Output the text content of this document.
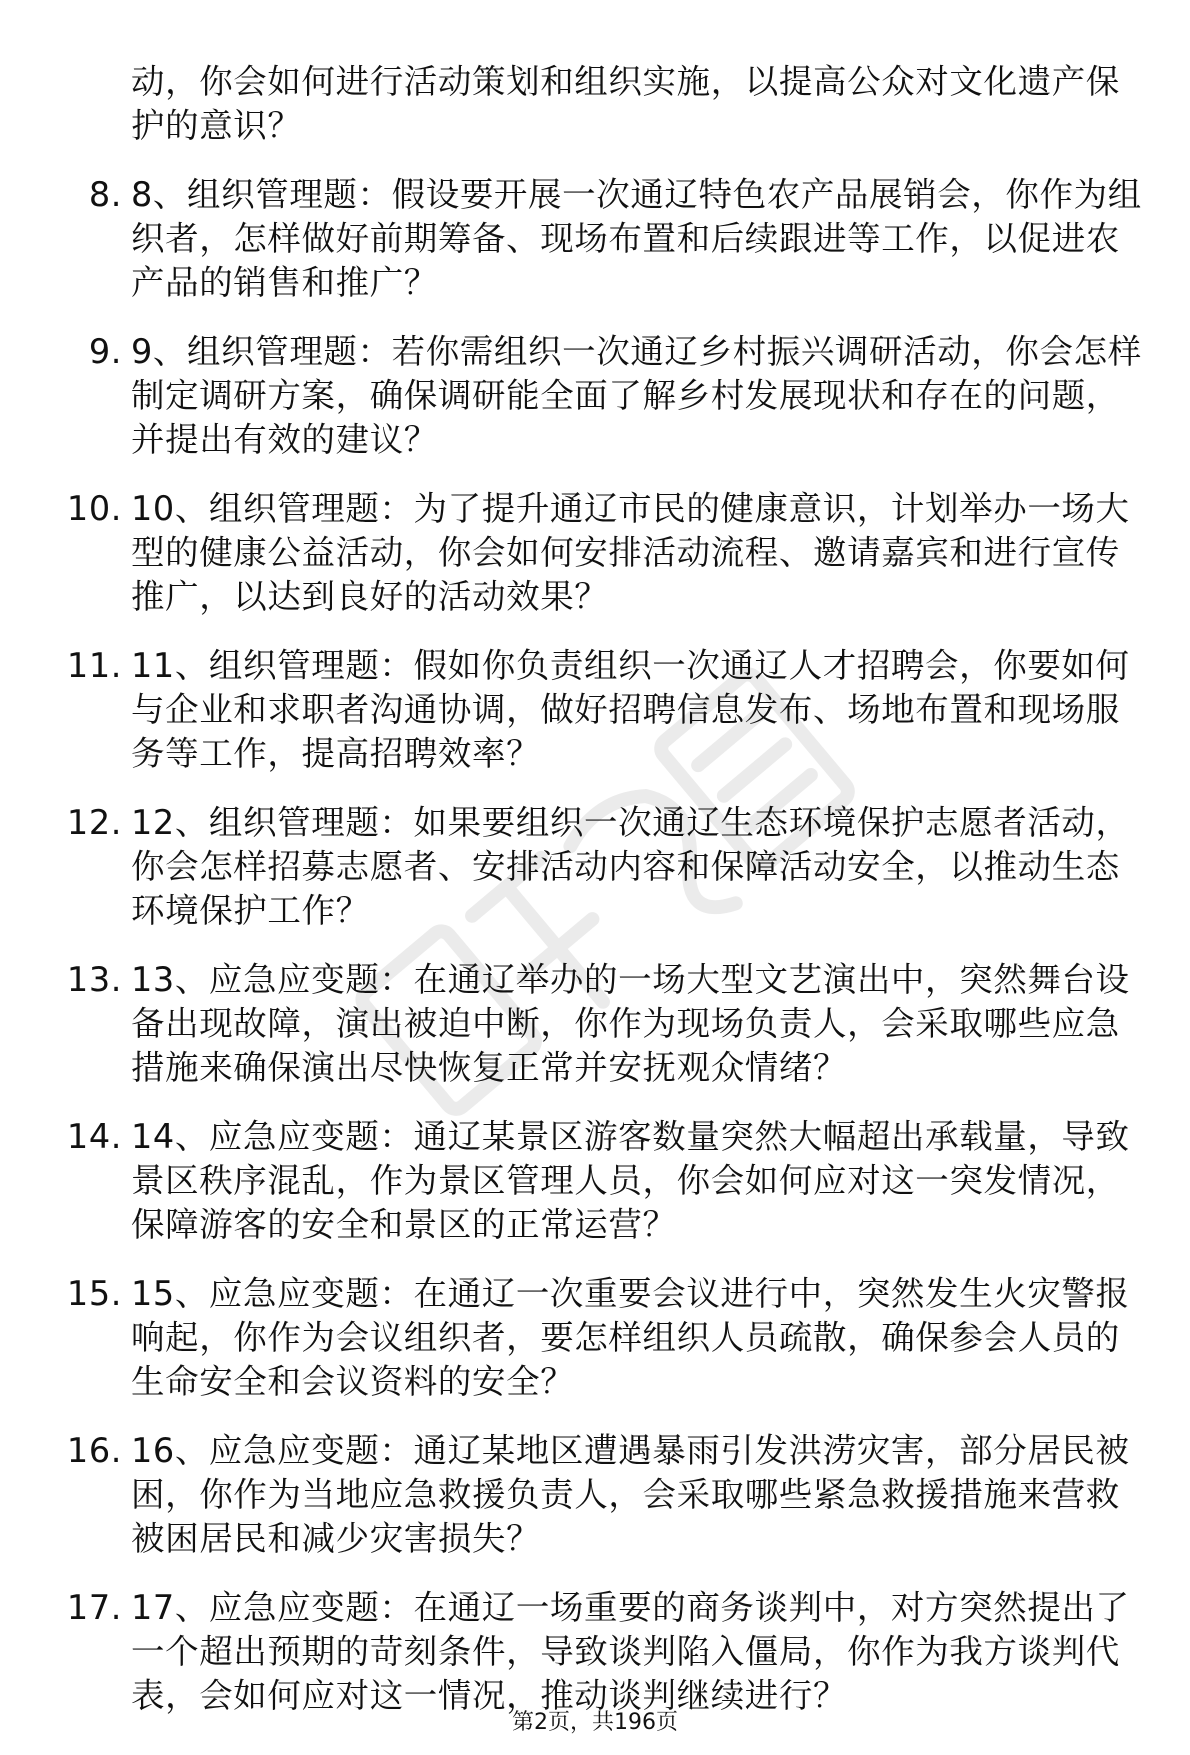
动，你会如何进行活动策划和组织实施，以提高公众对文化遗产保护的意识？

8. 8、组织管理题：假设要开展一次通辽特色农产品展销会，你作为组织者，怎样做好前期筹备、现场布置和后续跟进等工作，以促进农产品的销售和推广？
9. 9、组织管理题：若你需组织一次通辽乡村振兴调研活动，你会怎样制定调研方案，确保调研能全面了解乡村发展现状和存在的问题，并提出有效的建议？
10. 10、组织管理题：为了提升通辽市民的健康意识，计划举办一场大型的健康公益活动，你会如何安排活动流程、邀请嘉宾和进行宣传推广，以达到良好的活动效果？
11. 11、组织管理题：假如你负责组织一次通辽人才招聘会，你要如何与企业和求职者沟通协调，做好招聘信息发布、场地布置和现场服务等工作，提高招聘效率？
12. 12、组织管理题：如果要组织一次通辽生态环境保护志愿者活动，你会怎样招募志愿者、安排活动内容和保障活动安全，以推动生态环境保护工作？
13. 13、应急应变题：在通辽举办的一场大型文艺演出中，突然舞台设备出现故障，演出被迫中断，你作为现场负责人，会采取哪些应急措施来确保演出尽快恢复正常并安抚观众情绪？
14. 14、应急应变题：通辽某景区游客数量突然大幅超出承载量，导致景区秩序混乱，作为景区管理人员，你会如何应对这一突发情况，保障游客的安全和景区的正常运营？
15. 15、应急应变题：在通辽一次重要会议进行中，突然发生火灾警报响起，你作为会议组织者，要怎样组织人员疏散，确保参会人员的生命安全和会议资料的安全？
16. 16、应急应变题：通辽某地区遭遇暴雨引发洪涝灾害，部分居民被困，你作为当地应急救援负责人，会采取哪些紧急救援措施来营救被困居民和减少灾害损失？
17. 17、应急应变题：在通辽一场重要的商务谈判中，对方突然提出了一个超出预期的苛刻条件，导致谈判陷入僵局，你作为我方谈判代表，会如何应对这一情况，推动谈判继续进行？
第2页，共196页
